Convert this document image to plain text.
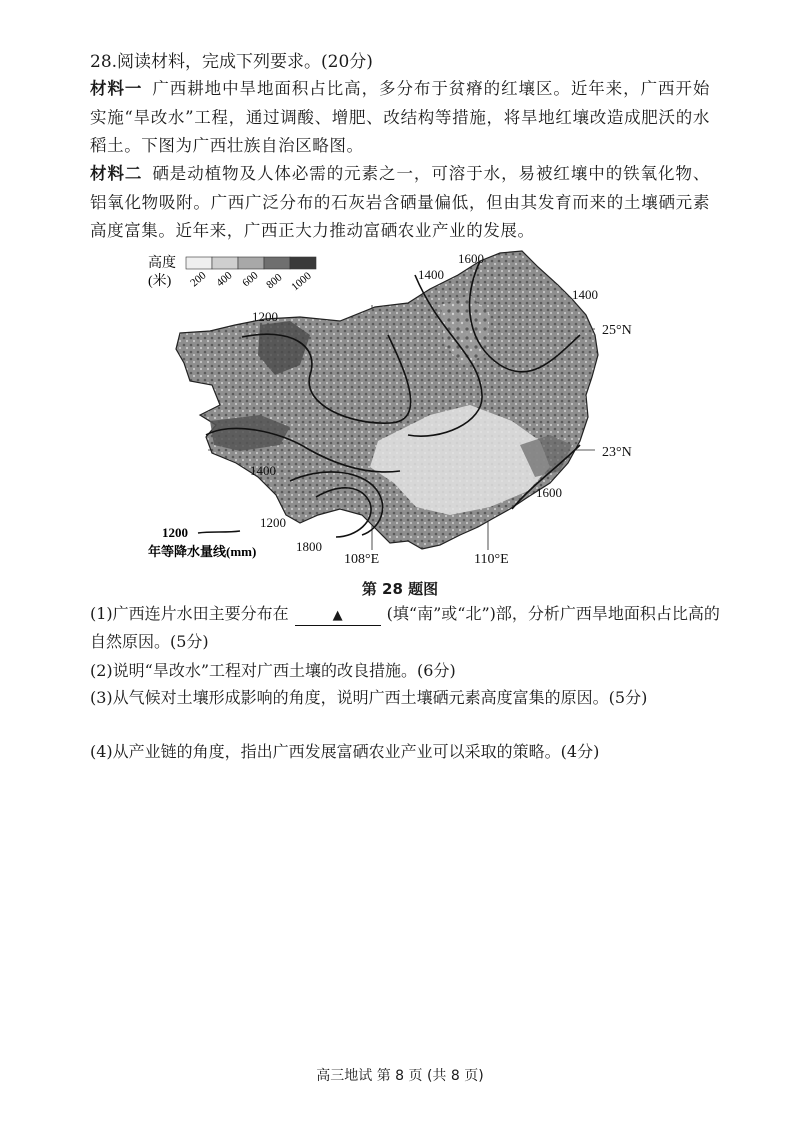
28.阅读材料，完成下列要求。(20分)
材料一 广西耕地中旱地面积占比高，多分布于贫瘠的红壤区。近年来，广西开始实施“旱改水”工程，通过调酸、增肥、改结构等措施，将旱地红壤改造成肥沃的水稻土。下图为广西壮族自治区略图。
材料二 硒是动植物及人体必需的元素之一，可溶于水，易被红壤中的铁氧化物、铝氧化物吸附。广西广泛分布的石灰岩含硒量偏低，但由其发育而来的土壤硒元素高度富集。近年来，广西正大力推动富硒农业产业的发展。
高度
(米) 200 400 600 800 1000
1200
1400
1600
1400
1400
1200
1800
1600
25°N
23°N
108°E	110°E
1200
年等降水量线(mm)
第 28 题图
(1)广西连片水田主要分布在	▲	(填“南”或“北”)部，分析广西旱地面积占比高的自然原因。(5分)
(2)说明“旱改水”工程对广西土壤的改良措施。(6分)
(3)从气候对土壤形成影响的角度，说明广西土壤硒元素高度富集的原因。(5分)
(4)从产业链的角度，指出广西发展富硒农业产业可以采取的策略。(4分)
高三地试 第 8 页 (共 8 页)
